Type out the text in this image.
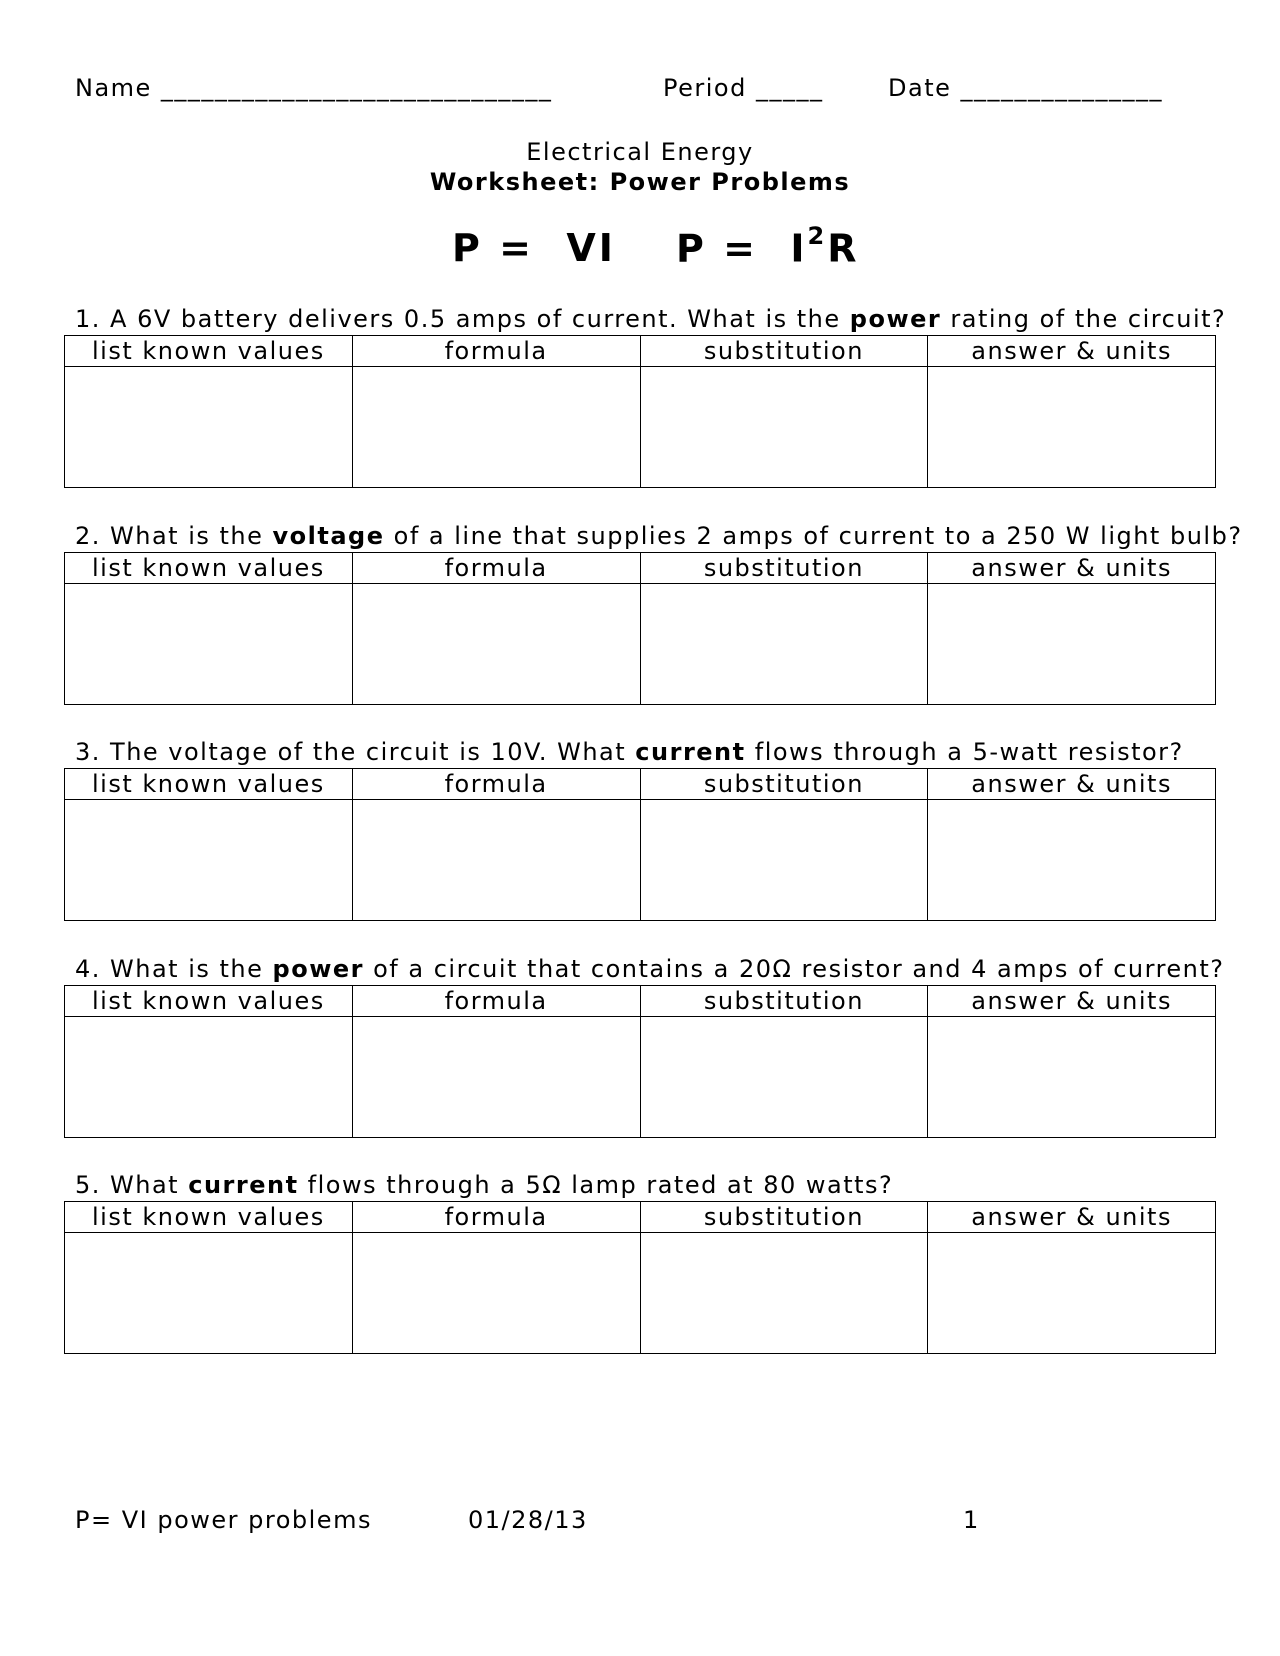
Name _____________________________	Period _____	Date _______________
Electrical Energy
Worksheet: Power Problems
P =  VI $P = I^2R$
1. A 6V battery delivers 0.5 amps of current. What is the power rating of the circuit?
list known values	formula	substitution	answer & units

2. What is the voltage of a line that supplies 2 amps of current to a 250 W light bulb?
list known values	formula	substitution	answer & units

3. The voltage of the circuit is 10V. What current flows through a 5-watt resistor?
list known values	formula	substitution	answer & units

4. What is the power of a circuit that contains a 20Ω resistor and 4 amps of current?
list known values	formula	substitution	answer & units

5. What current flows through a 5Ω lamp rated at 80 watts?
list known values	formula	substitution	answer & units

P= VI power problems	01/28/13	1
